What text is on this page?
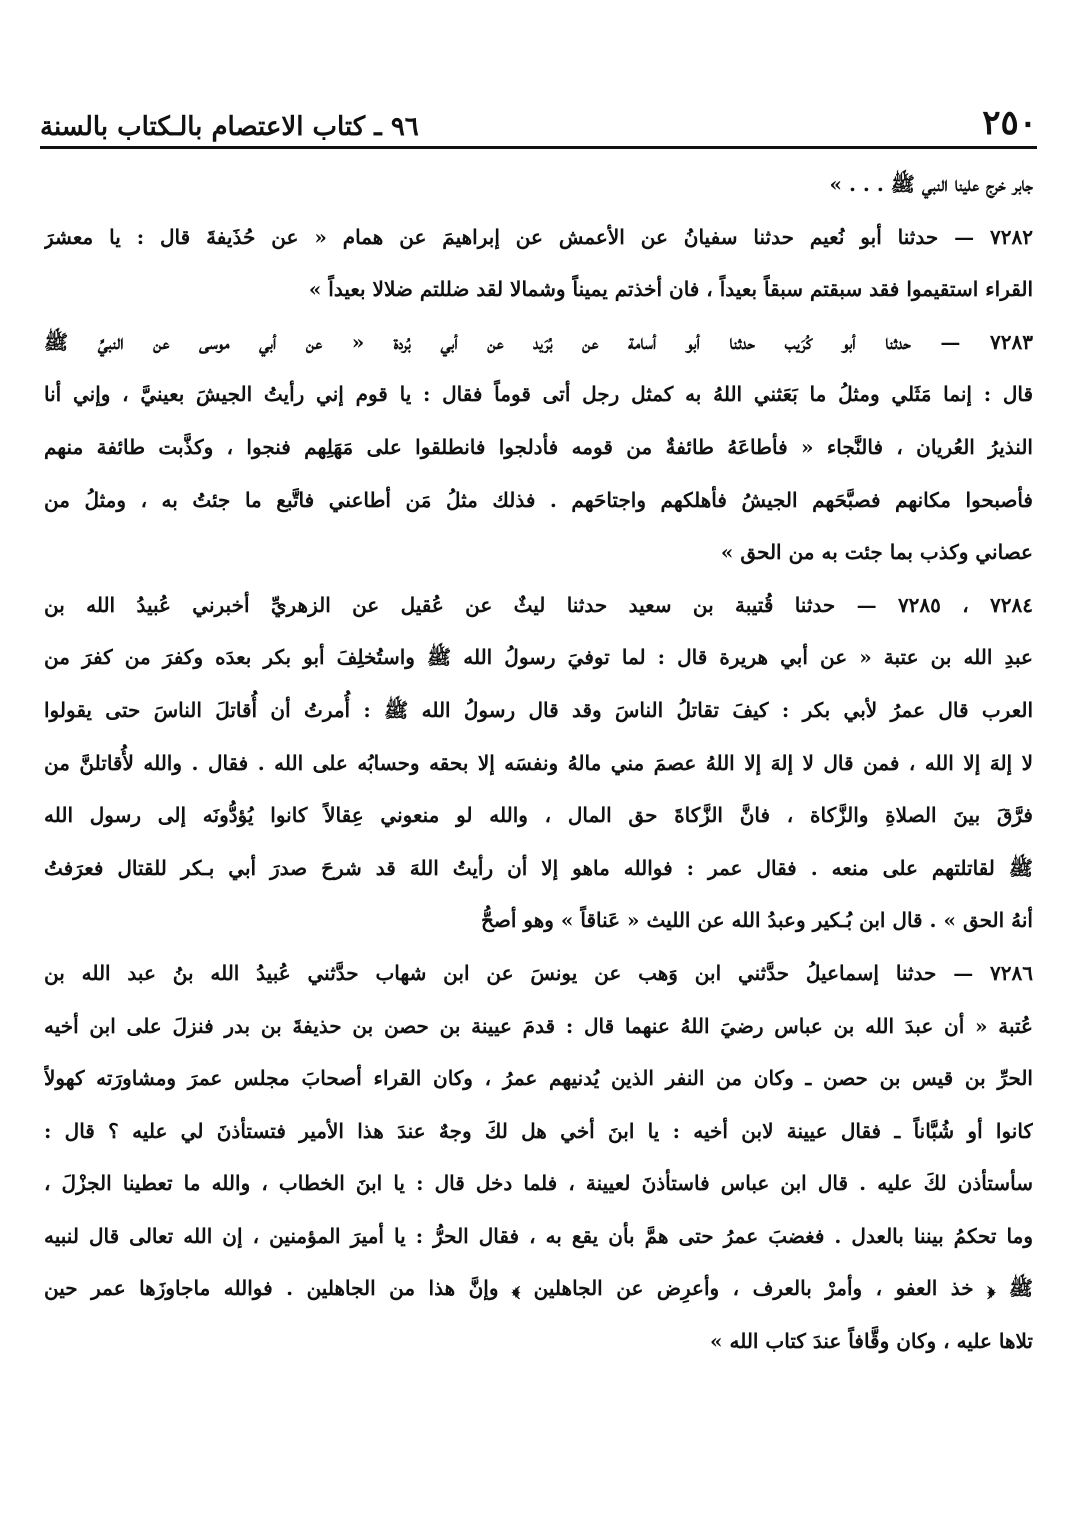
٢٥٠
٩٦ ـ كتاب الاعتصام بالـكتاب بالسنة
جابر خرج علينا النبي ﷺ . . . »
٧٢٨٢ — حدثنا أبو نُعيم حدثنا سفيانُ عن الأعمش عن إبراهيمَ عن همام « عن حُذَيفةَ قال : يا معشرَ
القراء استقيموا فقد سبقتم سبقاً بعيداً ، فان أخذتم يميناً وشمالا لقد ضللتم ضلالا بعيداً »
٧٢٨٣ — حدثنا أبو كُرَيب حدثنا أبو أسامة عن بُرَيد عن أبي بُردة « عن أبي موسى عن النبيِّ ﷺ
قال : إنما مَثَلي ومثلُ ما بَعَثني اللهُ به كمثل رجل أتى قوماً فقال : يا قوم إني رأيتُ الجيشَ بعينيَّ ، وإني أنا
النذيرُ العُريان ، فالنَّجاء « فأطاعَهُ طائفةٌ من قومه فأدلجوا فانطلقوا على مَهَلِهم فنجوا ، وكذَّبت طائفة منهم
فأصبحوا مكانهم فصبَّحَهم الجيشُ فأهلكهم واجتاحَهم . فذلك مثلُ مَن أطاعني فاتَّبع ما جئتُ به ، ومثلُ من
عصاني وكذب بما جئت به من الحق »
٧٢٨٤ ، ٧٢٨٥ — حدثنا قُتيبة بن سعيد حدثنا ليثٌ عن عُقيل عن الزهريِّ أخبرني عُبيدُ الله بن
عبدِ الله بن عتبة « عن أبي هريرة قال : لما توفيَ رسولُ الله ﷺ واستُخلِفَ أبو بكر بعدَه وكفرَ من كفرَ من
العرب قال عمرُ لأبي بكر : كيفَ تقاتلُ الناسَ وقد قال رسولُ الله ﷺ : أُمرتُ أن أُقاتلَ الناسَ حتى يقولوا
لا إلهَ إلا الله ، فمن قال لا إلهَ إلا اللهُ عصمَ مني مالهُ ونفسَه إلا بحقه وحسابُه على الله . فقال . والله لأُقاتلنَّ من
فرَّقَ بينَ الصلاةِ والزَّكاة ، فانَّ الزَّكاةَ حق المال ، والله لو منعوني عِقالاً كانوا يُؤدُّونَه إلى رسول الله
ﷺ لقاتلتهم على منعه . فقال عمر : فوالله ماهو إلا أن رأيتُ اللهَ قد شرحَ صدرَ أبي بـكر للقتال فعرَفتُ
أنهُ الحق » . قال ابن بُـكير وعبدُ الله عن الليث « عَناقاً » وهو أصحُّ
٧٢٨٦ — حدثنا إسماعيلُ حدَّثني ابن وَهب عن يونسَ عن ابن شهاب حدَّثني عُبيدُ الله بنُ عبد الله بن
عُتبة « أن عبدَ الله بن عباس رضيَ اللهُ عنهما قال : قدمَ عيينة بن حصن بن حذيفةَ بن بدر فنزلَ على ابن أخيه
الحرِّ بن قيس بن حصن ـ وكان من النفر الذين يُدنيهم عمرُ ، وكان القراء أصحابَ مجلس عمرَ ومشاورَته كهولاً
كانوا أو شُبَّاناً ـ فقال عيينة لابن أخيه : يا ابنَ أخي هل لكَ وجهٌ عندَ هذا الأمير فتستأذنَ لي عليه ؟ قال :
سأستأذن لكَ عليه . قال ابن عباس فاستأذنَ لعيينة ، فلما دخل قال : يا ابنَ الخطاب ، والله ما تعطينا الجزْلَ ،
وما تحكمُ بيننا بالعدل . فغضبَ عمرُ حتى همَّ بأن يقع به ، فقال الحرُّ : يا أميرَ المؤمنين ، إن الله تعالى قال لنبيه
ﷺ ﴿ خذ العفو ، وأمرْ بالعرف ، وأعرِض عن الجاهلين ﴾ وإنَّ هذا من الجاهلين . فوالله ماجاوزَها عمر حين
تلاها عليه ، وكان وقَّافاً عندَ كتاب الله »
